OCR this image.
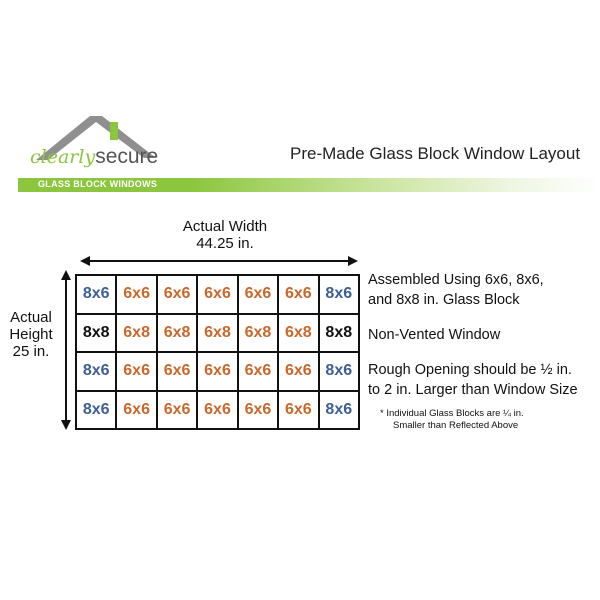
clearlysecure	Pre-Made Glass Block Window Layout
GLASS BLOCK WINDOWS
Actual Width
44.25 in.
Actual
Height
25 in.
8x6 6x6 6x6 6x6 6x6 6x6 8x6
8x8 6x8 6x8 6x8 6x8 6x8 8x8
8x6 6x6 6x6 6x6 6x6 6x6 8x6
8x6 6x6 6x6 6x6 6x6 6x6 8x6
Assembled Using 6x6, 8x6,
and 8x8 in. Glass Block
Non-Vented Window
Rough Opening should be ½ in.
to 2 in. Larger than Window Size
* Individual Glass Blocks are ¼ in.
Smaller than Reflected Above
